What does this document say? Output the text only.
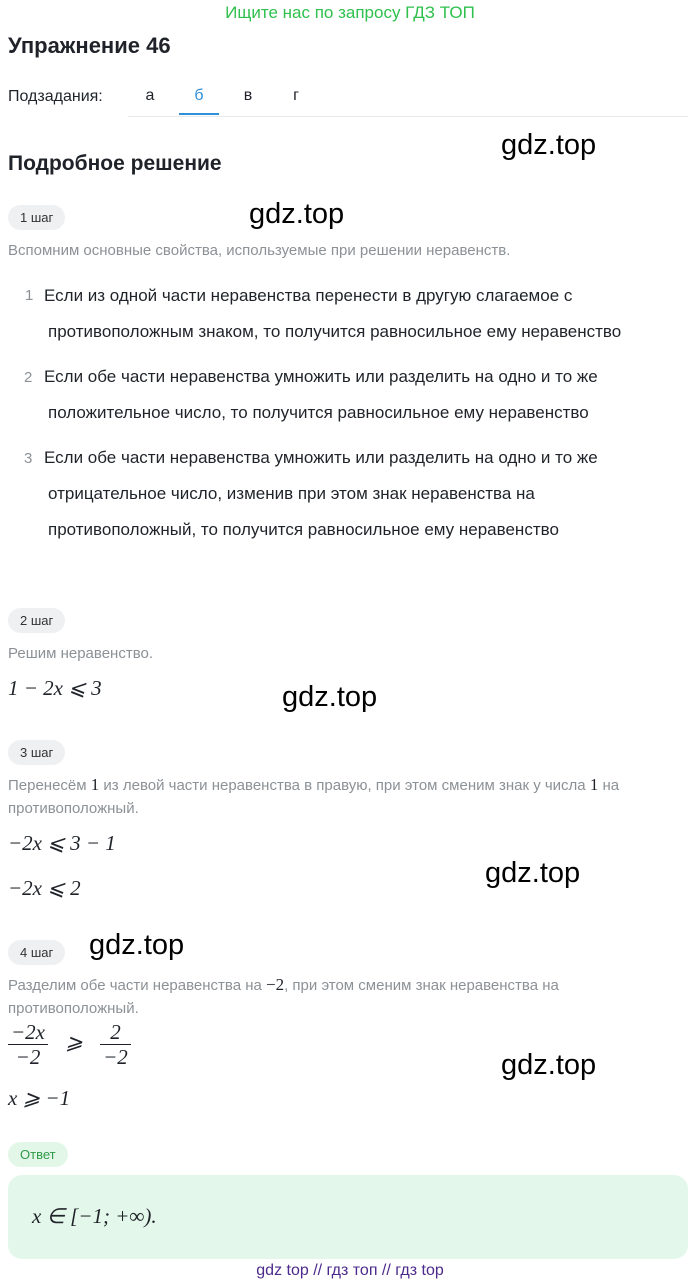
Ищите нас по запросу ГДЗ ТОП
Упражнение 46
Подзадания:	а	б	в	г
Подробное решение
gdz.top
gdz.top
gdz.top
gdz.top
gdz.top
gdz.top
1 шаг
Вспомним основные свойства, используемые при решении неравенств.
1 Если из одной части неравенства перенести в другую слагаемое с
противоположным знаком, то получится равносильное ему неравенство
2 Если обе части неравенства умножить или разделить на одно и то же
положительное число, то получится равносильное ему неравенство
3 Если обе части неравенства умножить или разделить на одно и то же
отрицательное число, изменив при этом знак неравенства на
противоположный, то получится равносильное ему неравенство
2 шаг
Решим неравенство.
1 − 2x ⩽ 3
3 шаг
Перенесём 1 из левой части неравенства в правую, при этом сменим знак у числа 1 на
противоположный.
−2x ⩽ 3 − 1
−2x ⩽ 2
4 шаг
Разделим обе части неравенства на −2, при этом сменим знак неравенства на
противоположный.
$\frac{-2x}{-2}$ ⩾ $\frac{2}{-2}$
x ⩾ −1
Ответ
x ∈ [−1; +∞).
gdz top // гдз топ // гдз top
